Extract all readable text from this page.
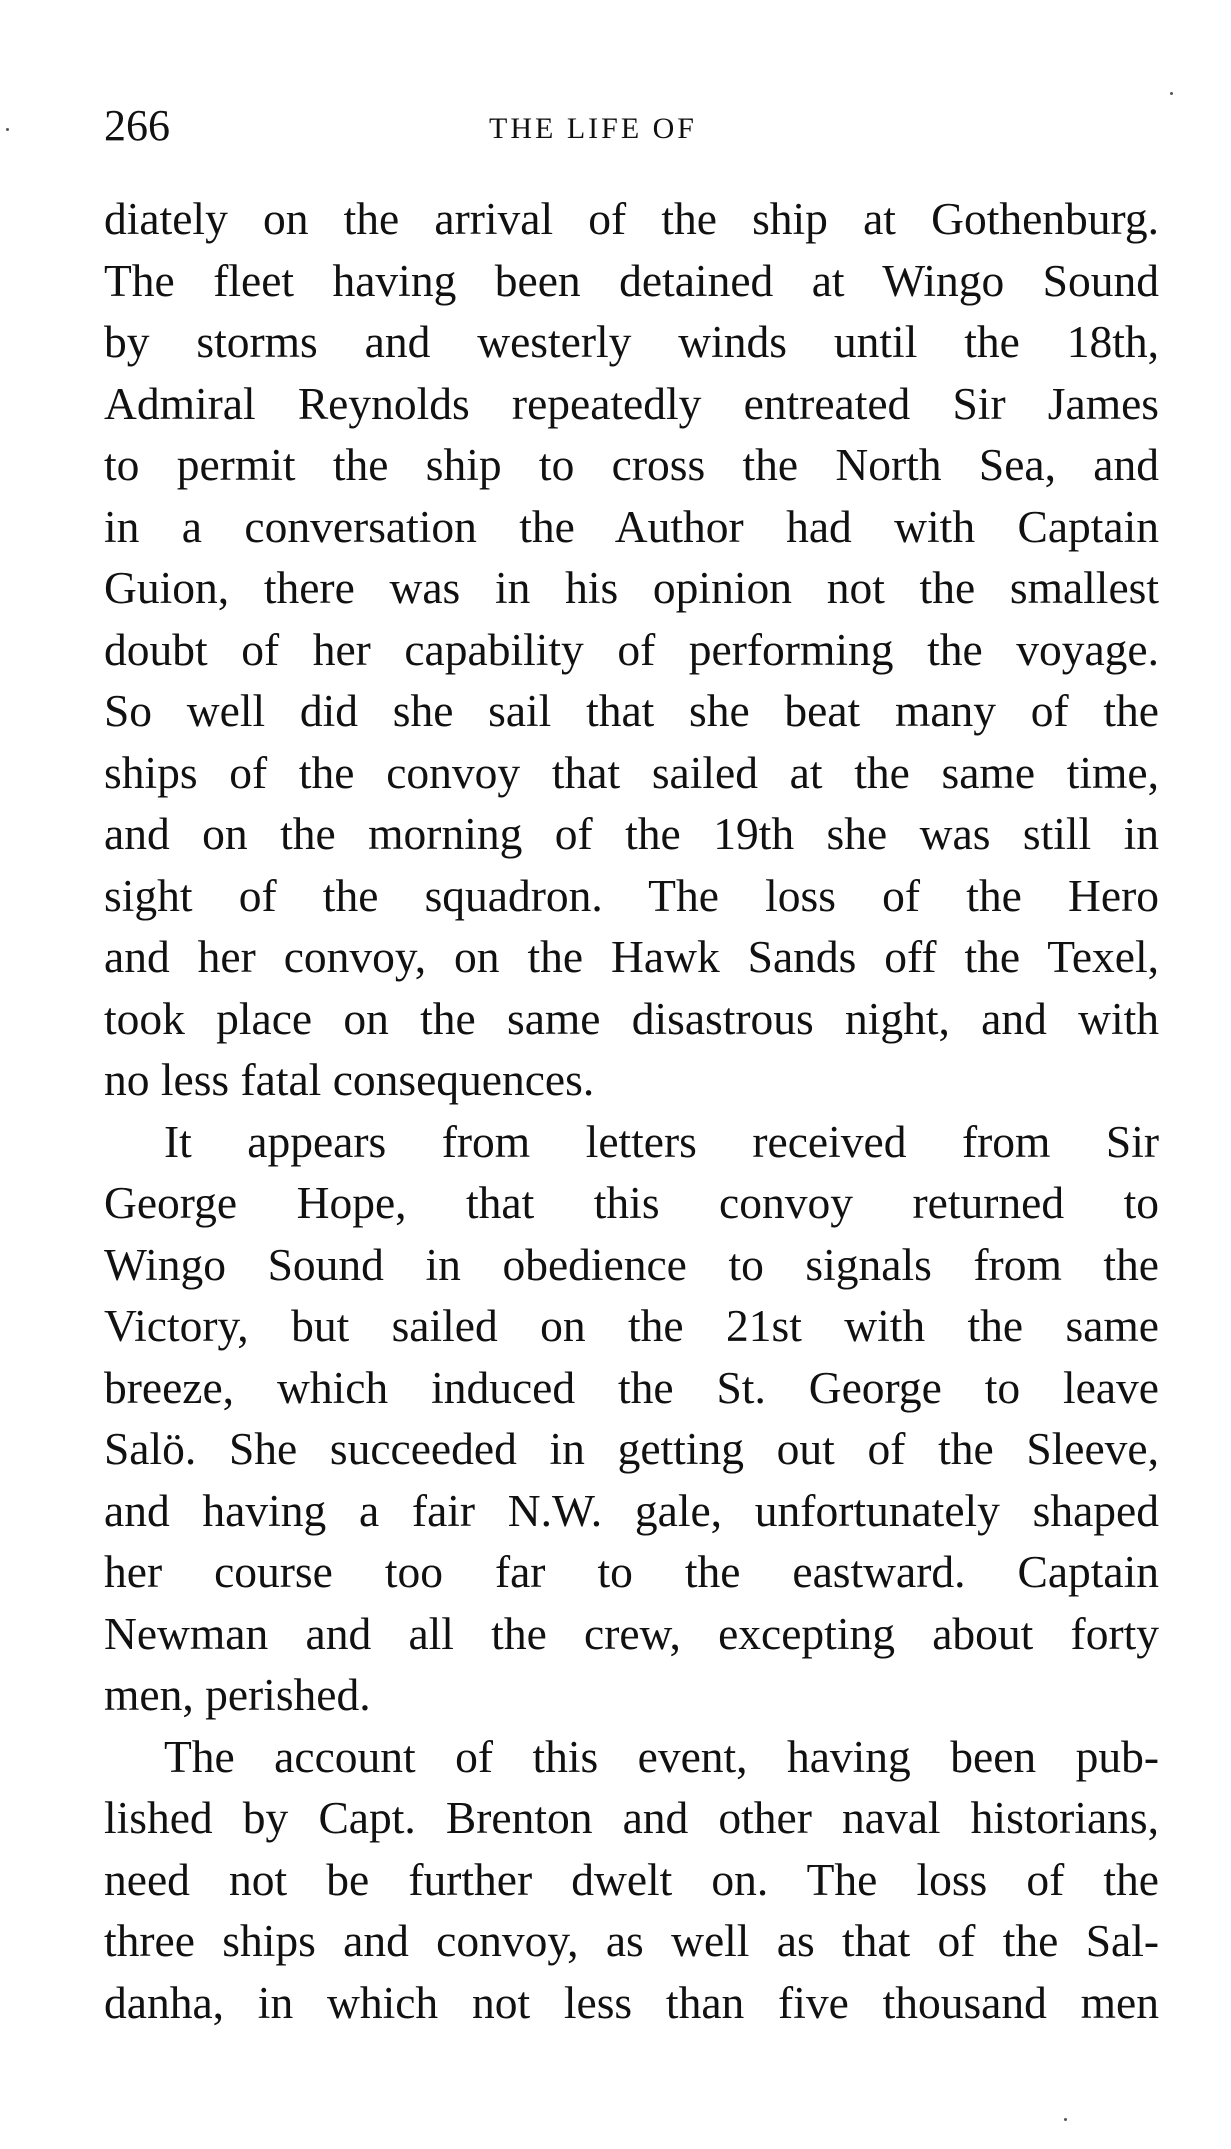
266	THE LIFE OF
diately on the arrival of the ship at Gothenburg.
The fleet having been detained at Wingo Sound
by storms and westerly winds until the 18th,
Admiral Reynolds repeatedly entreated Sir James
to permit the ship to cross the North Sea, and
in a conversation the Author had with Captain
Guion, there was in his opinion not the smallest
doubt of her capability of performing the voyage.
So well did she sail that she beat many of the
ships of the convoy that sailed at the same time,
and on the morning of the 19th she was still in
sight of the squadron. The loss of the Hero
and her convoy, on the Hawk Sands off the Texel,
took place on the same disastrous night, and with
no less fatal consequences.
It appears from letters received from Sir
George Hope, that this convoy returned to
Wingo Sound in obedience to signals from the
Victory, but sailed on the 21st with the same
breeze, which induced the St. George to leave
Salö. She succeeded in getting out of the Sleeve,
and having a fair N.W. gale, unfortunately shaped
her course too far to the eastward. Captain
Newman and all the crew, excepting about forty
men, perished.
The account of this event, having been pub-
lished by Capt. Brenton and other naval historians,
need not be further dwelt on. The loss of the
three ships and convoy, as well as that of the Sal-
danha, in which not less than five thousand men
